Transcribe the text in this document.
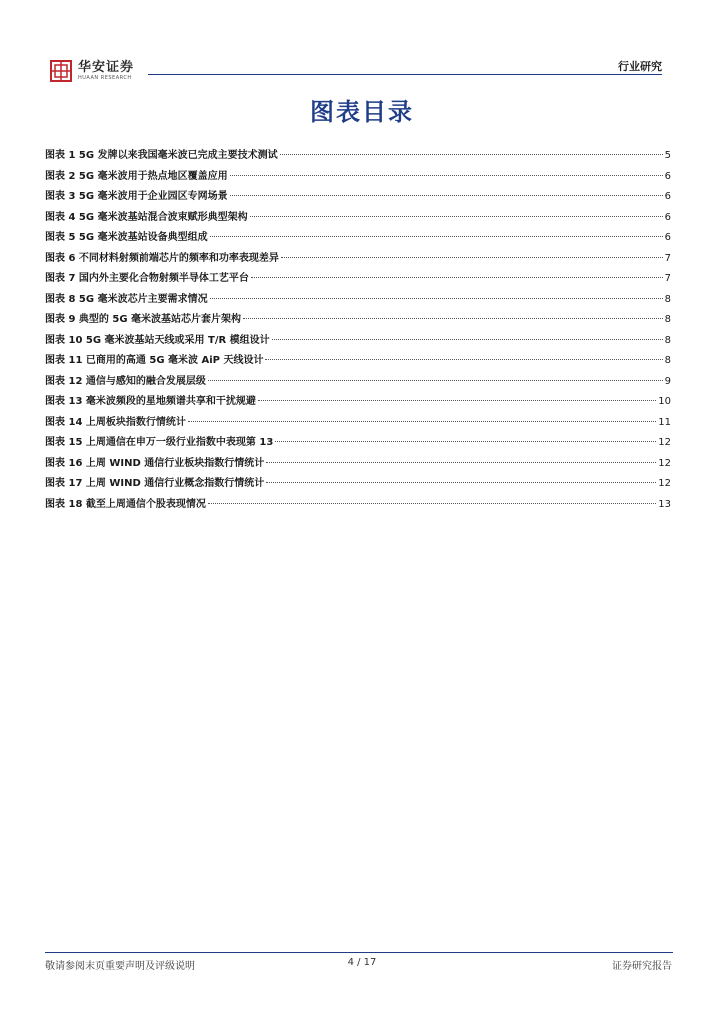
华安证券
HUAAN RESEARCH
行业研究
图表目录
图表 1 5G 发牌以来我国毫米波已完成主要技术测试	5
图表 2 5G 毫米波用于热点地区覆盖应用	6
图表 3 5G 毫米波用于企业园区专网场景	6
图表 4 5G 毫米波基站混合波束赋形典型架构	6
图表 5 5G 毫米波基站设备典型组成	6
图表 6 不同材料射频前端芯片的频率和功率表现差异	7
图表 7 国内外主要化合物射频半导体工艺平台	7
图表 8 5G 毫米波芯片主要需求情况	8
图表 9 典型的 5G 毫米波基站芯片套片架构	8
图表 10 5G 毫米波基站天线或采用 T/R 模组设计	8
图表 11 已商用的高通 5G 毫米波 AiP 天线设计	8
图表 12 通信与感知的融合发展层级	9
图表 13 毫米波频段的星地频谱共享和干扰规避	10
图表 14 上周板块指数行情统计	11
图表 15 上周通信在申万一级行业指数中表现第 13	12
图表 16 上周 WIND 通信行业板块指数行情统计	12
图表 17 上周 WIND 通信行业概念指数行情统计	12
图表 18 截至上周通信个股表现情况	13
敬请参阅末页重要声明及评级说明	4 / 17	证券研究报告
